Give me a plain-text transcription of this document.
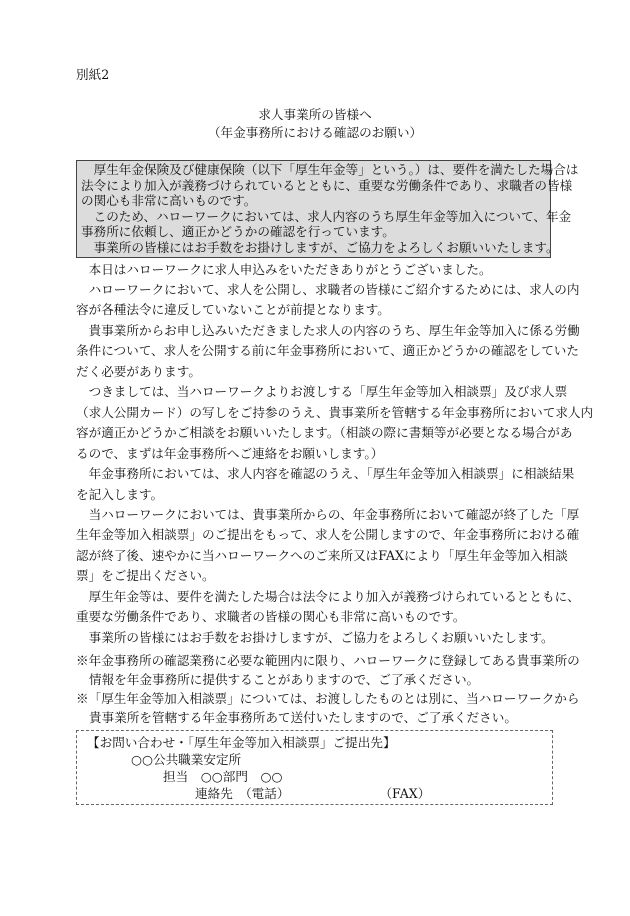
別紙2
求人事業所の皆様へ
（年金事務所における確認のお願い）
　厚生年金保険及び健康保険（以下「厚生年金等」という。）は、要件を満たした場合は
法令により加入が義務づけられているとともに、重要な労働条件であり、求職者の皆様
の関心も非常に高いものです。
　このため、ハローワークにおいては、求人内容のうち厚生年金等加入について、年金
事務所に依頼し、適正かどうかの確認を行っています。
　事業所の皆様にはお手数をお掛けしますが、ご協力をよろしくお願いいたします。
　本日はハローワークに求人申込みをいただきありがとうございました。
　ハローワークにおいて、求人を公開し、求職者の皆様にご紹介するためには、求人の内
容が各種法令に違反していないことが前提となります。
　貴事業所からお申し込みいただきました求人の内容のうち、厚生年金等加入に係る労働
条件について、求人を公開する前に年金事務所において、適正かどうかの確認をしていた
だく必要があります。
　つきましては、当ハローワークよりお渡しする「厚生年金等加入相談票」及び求人票
（求人公開カード）の写しをご持参のうえ、貴事業所を管轄する年金事務所において求人内
容が適正かどうかご相談をお願いいたします。（相談の際に書類等が必要となる場合があ
るので、まずは年金事務所へご連絡をお願いします。）
　年金事務所においては、求人内容を確認のうえ、「厚生年金等加入相談票」に相談結果
を記入します。
　当ハローワークにおいては、貴事業所からの、年金事務所において確認が終了した「厚
生年金等加入相談票」のご提出をもって、求人を公開しますので、年金事務所における確
認が終了後、速やかに当ハローワークへのご来所又はFAXにより「厚生年金等加入相談
票」をご提出ください。
　厚生年金等は、要件を満たした場合は法令により加入が義務づけられているとともに、
重要な労働条件であり、求職者の皆様の関心も非常に高いものです。
　事業所の皆様にはお手数をお掛けしますが、ご協力をよろしくお願いいたします。
※年金事務所の確認業務に必要な範囲内に限り、ハローワークに登録してある貴事業所の
情報を年金事務所に提供することがありますので、ご了承ください。
※「厚生年金等加入相談票」については、お渡ししたものとは別に、当ハローワークから
貴事業所を管轄する年金事務所あて送付いたしますので、ご了承ください。
【お問い合わせ・「厚生年金等加入相談票」ご提出先】
○○公共職業安定所
担当　○○部門　○○
連絡先　（電話）	（FAX）
